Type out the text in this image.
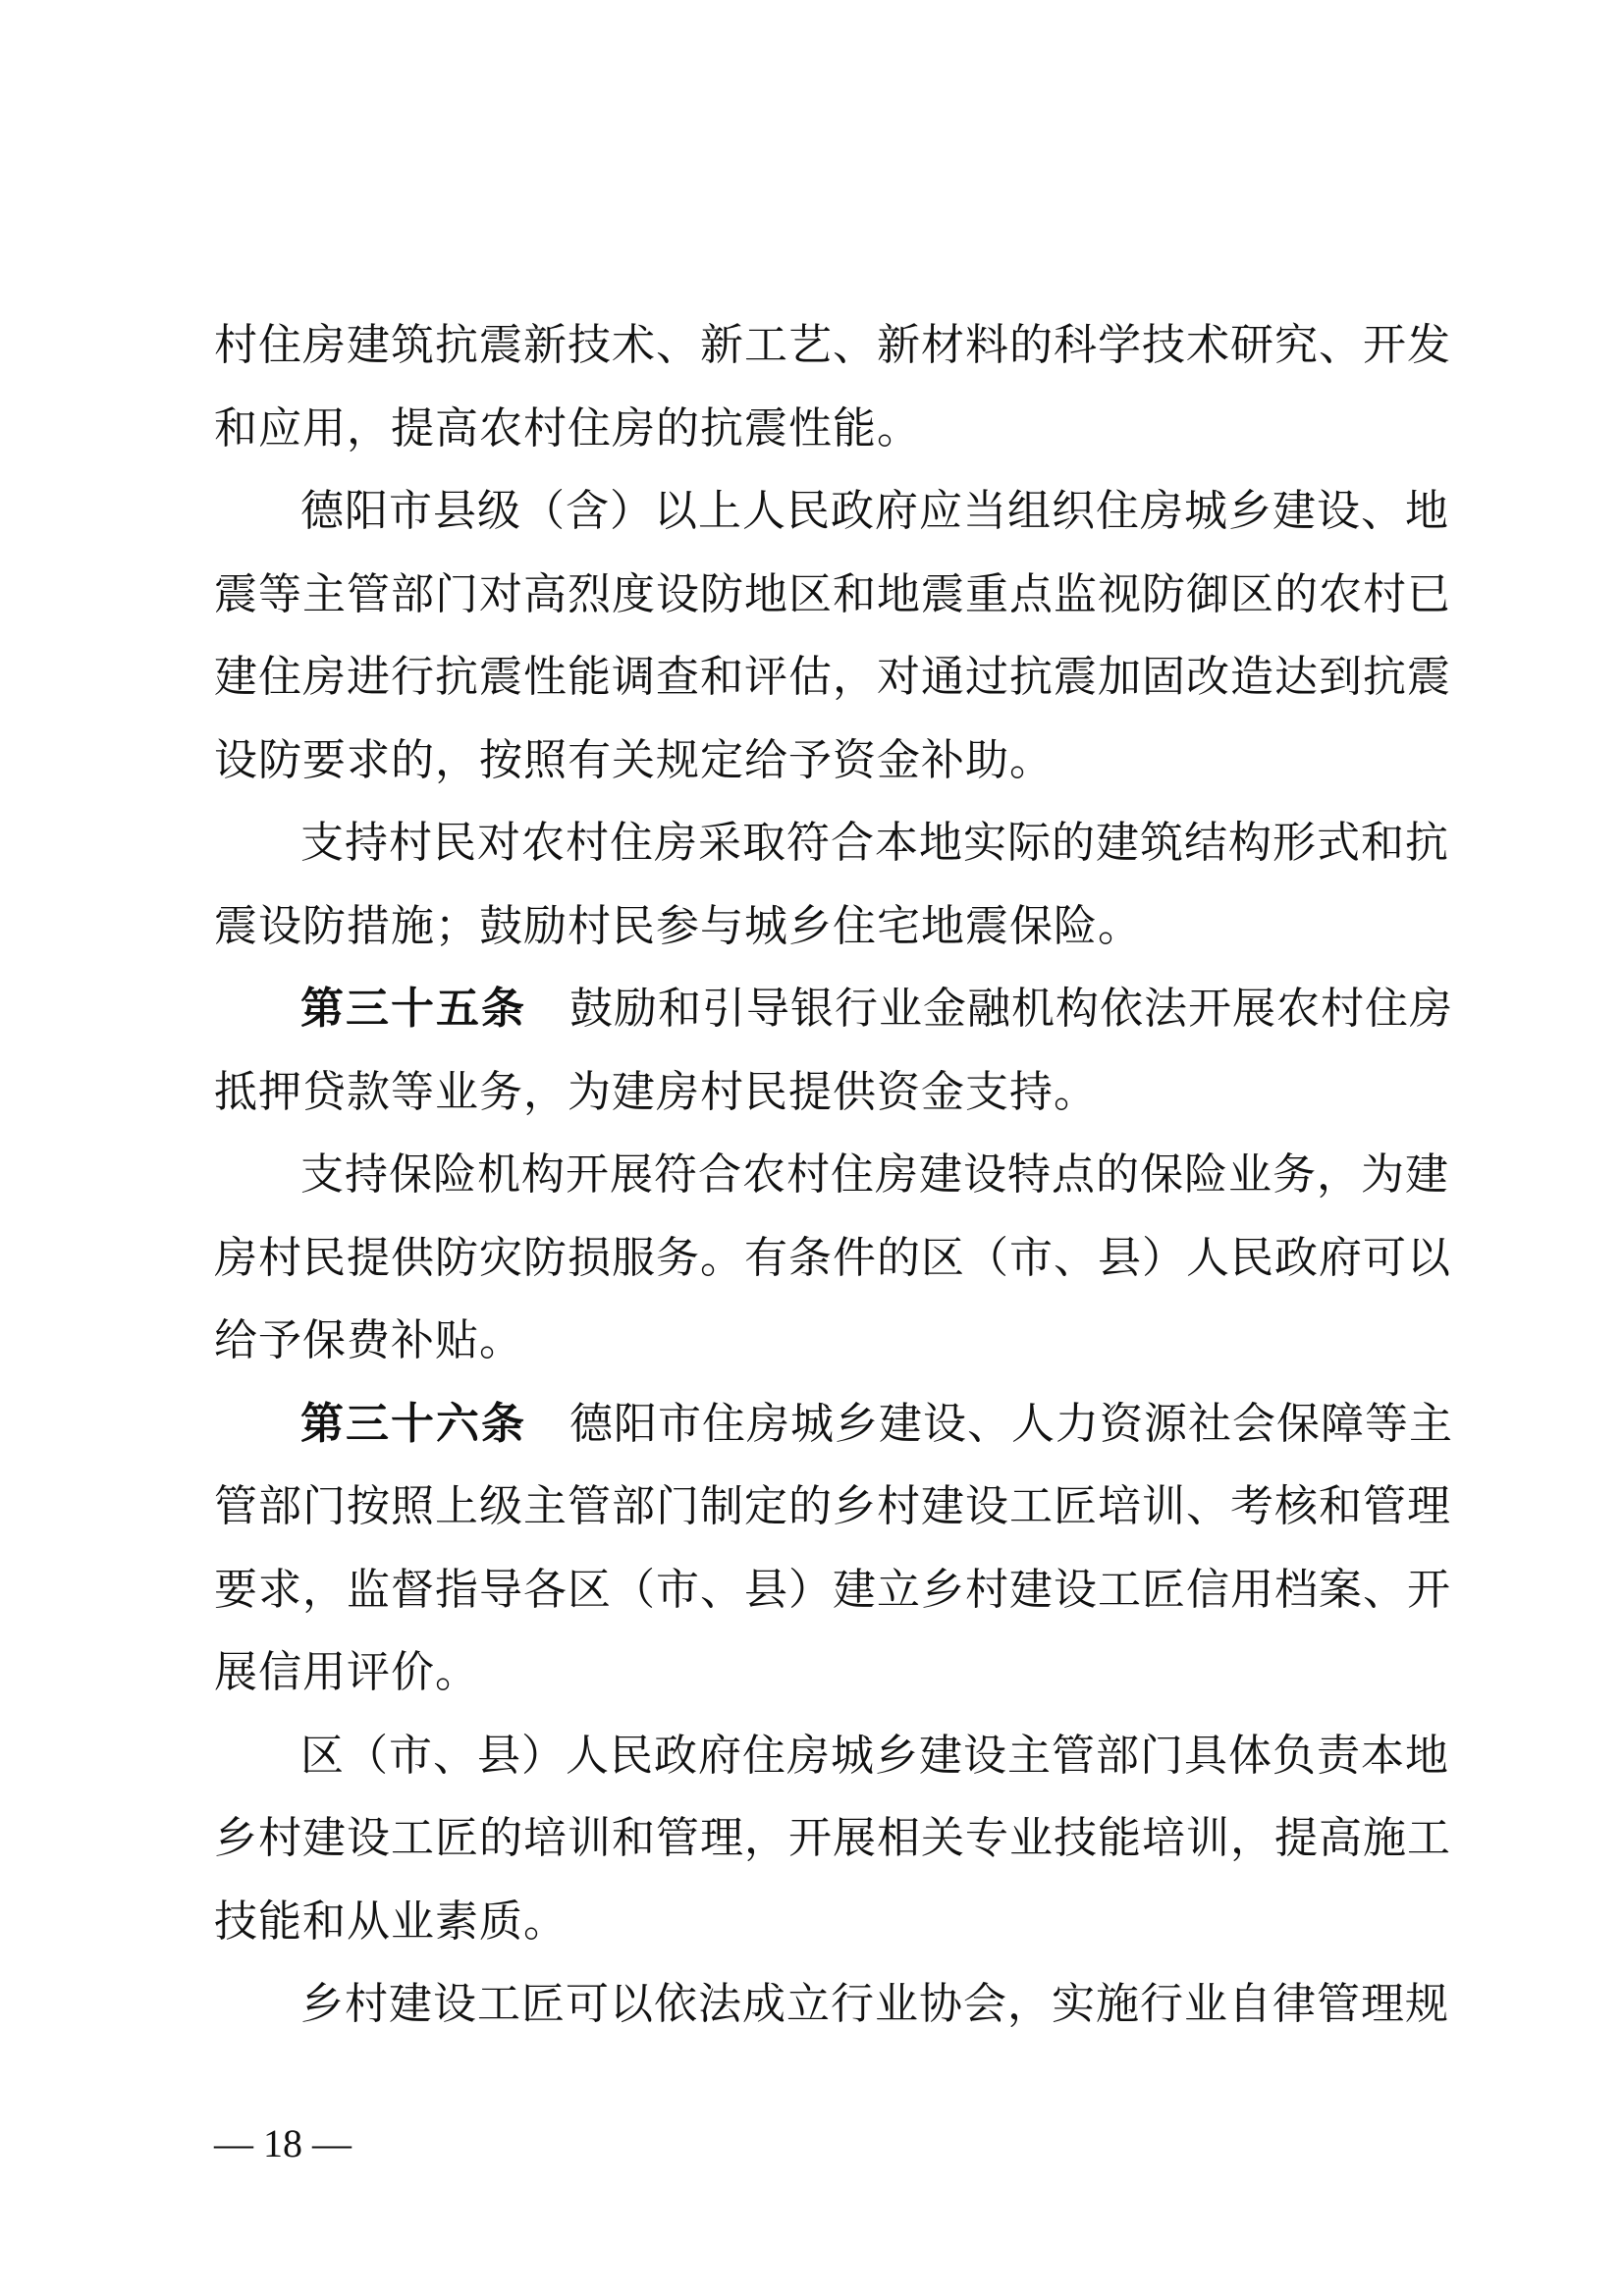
村住房建筑抗震新技术、新工艺、新材料的科学技术研究、开发
和应用，提高农村住房的抗震性能。
德阳市县级（含）以上人民政府应当组织住房城乡建设、地
震等主管部门对高烈度设防地区和地震重点监视防御区的农村已
建住房进行抗震性能调查和评估，对通过抗震加固改造达到抗震
设防要求的，按照有关规定给予资金补助。
支持村民对农村住房采取符合本地实际的建筑结构形式和抗
震设防措施；鼓励村民参与城乡住宅地震保险。
第三十五条 鼓励和引导银行业金融机构依法开展农村住房
抵押贷款等业务，为建房村民提供资金支持。
支持保险机构开展符合农村住房建设特点的保险业务，为建
房村民提供防灾防损服务。有条件的区（市、县）人民政府可以
给予保费补贴。
第三十六条 德阳市住房城乡建设、人力资源社会保障等主
管部门按照上级主管部门制定的乡村建设工匠培训、考核和管理
要求，监督指导各区（市、县）建立乡村建设工匠信用档案、开
展信用评价。
区（市、县）人民政府住房城乡建设主管部门具体负责本地
乡村建设工匠的培训和管理，开展相关专业技能培训，提高施工
技能和从业素质。
乡村建设工匠可以依法成立行业协会，实施行业自律管理规
— 18 —
